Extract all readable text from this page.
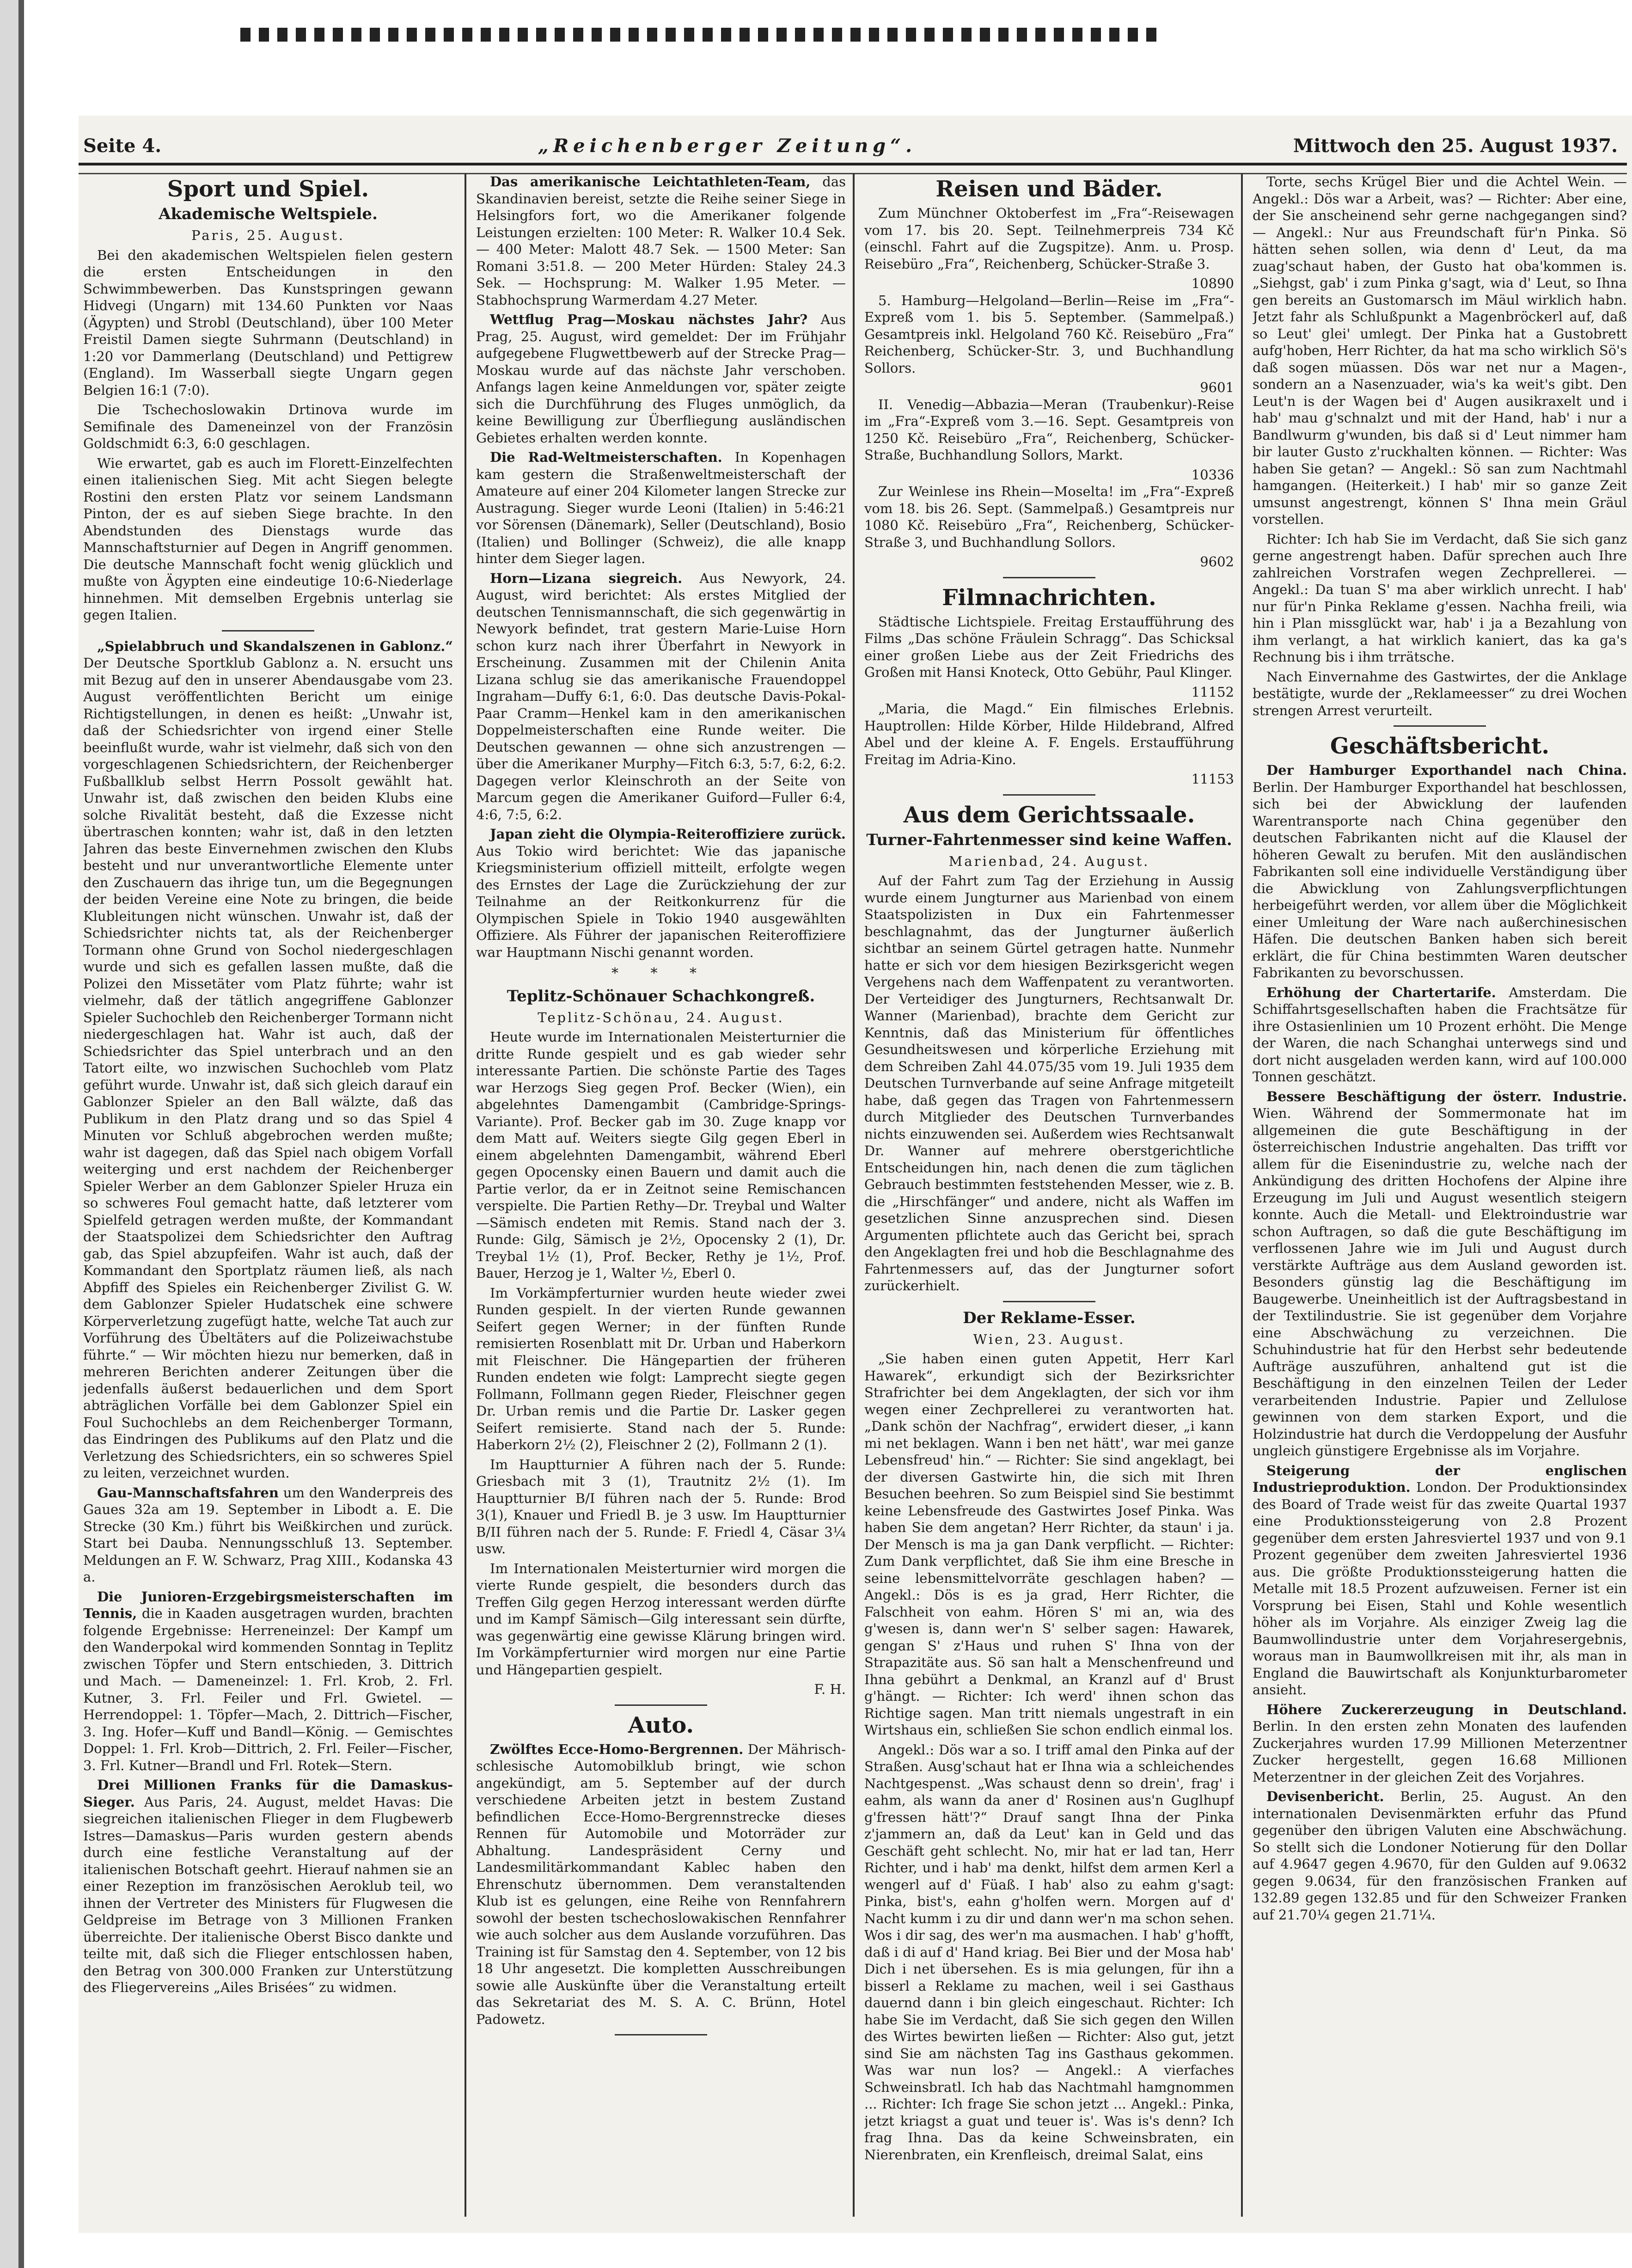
Seite 4.	„Reichenberger Zeitung“.	Mittwoch den 25. August 1937.
Sport und Spiel.
Akademische Weltspiele.
Paris, 25. August.

Bei den akademischen Weltspielen fielen gestern die ersten Entscheidungen in den Schwimmbewerben. Das Kunstspringen gewann Hidvegi (Ungarn) mit 134.60 Punkten vor Naas (Ägypten) und Strobl (Deutschland), über 100 Meter Freistil Damen siegte Suhrmann (Deutschland) in 1:20 vor Dammerlang (Deutschland) und Pettigrew (England). Im Wasserball siegte Ungarn gegen Belgien 16:1 (7:0).

Die Tschechoslowakin Drtinova wurde im Semifinale des Dameneinzel von der Französin Goldschmidt 6:3, 6:0 geschlagen.

Wie erwartet, gab es auch im Florett-Einzelfechten einen italienischen Sieg. Mit acht Siegen belegte Rostini den ersten Platz vor seinem Landsmann Pinton, der es auf sieben Siege brachte. In den Abendstunden des Dienstags wurde das Mannschaftsturnier auf Degen in Angriff genommen. Die deutsche Mannschaft focht wenig glücklich und mußte von Ägypten eine eindeutige 10:6-Niederlage hinnehmen. Mit demselben Ergebnis unterlag sie gegen Italien.

„Spielabbruch und Skandalszenen in Gablonz.“ Der Deutsche Sportklub Gablonz a. N. ersucht uns mit Bezug auf den in unserer Abendausgabe vom 23. August veröffentlichten Bericht um einige Richtigstellungen, in denen es heißt: „Unwahr ist, daß der Schiedsrichter von irgend einer Stelle beeinflußt wurde, wahr ist vielmehr, daß sich von den vorgeschlagenen Schiedsrichtern, der Reichenberger Fußballklub selbst Herrn Possolt gewählt hat. Unwahr ist, daß zwischen den beiden Klubs eine solche Rivalität besteht, daß die Exzesse nicht übertraschen konnten; wahr ist, daß in den letzten Jahren das beste Einvernehmen zwischen den Klubs besteht und nur unverantwortliche Elemente unter den Zuschauern das ihrige tun, um die Begegnungen der beiden Vereine eine Note zu bringen, die beide Klubleitungen nicht wünschen. Unwahr ist, daß der Schiedsrichter nichts tat, als der Reichenberger Tormann ohne Grund von Sochol niedergeschlagen wurde und sich es gefallen lassen mußte, daß die Polizei den Missetäter vom Platz führte; wahr ist vielmehr, daß der tätlich angegriffene Gablonzer Spieler Suchochleb den Reichenberger Tormann nicht niedergeschlagen hat. Wahr ist auch, daß der Schiedsrichter das Spiel unterbrach und an den Tatort eilte, wo inzwischen Suchochleb vom Platz geführt wurde. Unwahr ist, daß sich gleich darauf ein Gablonzer Spieler an den Ball wälzte, daß das Publikum in den Platz drang und so das Spiel 4 Minuten vor Schluß abgebrochen werden mußte; wahr ist dagegen, daß das Spiel nach obigem Vorfall weiterging und erst nachdem der Reichenberger Spieler Werber an dem Gablonzer Spieler Hruza ein so schweres Foul gemacht hatte, daß letzterer vom Spielfeld getragen werden mußte, der Kommandant der Staatspolizei dem Schiedsrichter den Auftrag gab, das Spiel abzupfeifen. Wahr ist auch, daß der Kommandant den Sportplatz räumen ließ, als nach Abpfiff des Spieles ein Reichenberger Zivilist G. W. dem Gablonzer Spieler Hudatschek eine schwere Körperverletzung zugefügt hatte, welche Tat auch zur Vorführung des Übeltäters auf die Polizeiwachstube führte.“ — Wir möchten hiezu nur bemerken, daß in mehreren Berichten anderer Zeitungen über die jedenfalls äußerst bedauerlichen und dem Sport abträglichen Vorfälle bei dem Gablonzer Spiel ein Foul Suchochlebs an dem Reichenberger Tormann, das Eindringen des Publikums auf den Platz und die Verletzung des Schiedsrichters, ein so schweres Spiel zu leiten, verzeichnet wurden.

Gau-Mannschaftsfahren um den Wanderpreis des Gaues 32a am 19. September in Libodt a. E. Die Strecke (30 Km.) führt bis Weißkirchen und zurück. Start bei Dauba. Nennungsschluß 13. September. Meldungen an F. W. Schwarz, Prag XIII., Kodanska 43 a.

Die Junioren-Erzgebirgsmeisterschaften im Tennis, die in Kaaden ausgetragen wurden, brachten folgende Ergebnisse: Herreneinzel: Der Kampf um den Wanderpokal wird kommenden Sonntag in Teplitz zwischen Töpfer und Stern entschieden, 3. Dittrich und Mach. — Dameneinzel: 1. Frl. Krob, 2. Frl. Kutner, 3. Frl. Feiler und Frl. Gwietel. — Herrendoppel: 1. Töpfer—Mach, 2. Dittrich—Fischer, 3. Ing. Hofer—Kuff und Bandl—König. — Gemischtes Doppel: 1. Frl. Krob—Dittrich, 2. Frl. Feiler—Fischer, 3. Frl. Kutner—Brandl und Frl. Rotek—Stern.

Drei Millionen Franks für die Damaskus-Sieger. Aus Paris, 24. August, meldet Havas: Die siegreichen italienischen Flieger in dem Flugbewerb Istres—Damaskus—Paris wurden gestern abends durch eine festliche Veranstaltung auf der italienischen Botschaft geehrt. Hierauf nahmen sie an einer Rezeption im französischen Aeroklub teil, wo ihnen der Vertreter des Ministers für Flugwesen die Geldpreise im Betrage von 3 Millionen Franken überreichte. Der italienische Oberst Bisco dankte und teilte mit, daß sich die Flieger entschlossen haben, den Betrag von 300.000 Franken zur Unterstützung des Fliegervereins „Ailes Brisées“ zu widmen.

Das amerikanische Leichtathleten-Team, das Skandinavien bereist, setzte die Reihe seiner Siege in Helsingfors fort, wo die Amerikaner folgende Leistungen erzielten: 100 Meter: R. Walker 10.4 Sek. — 400 Meter: Malott 48.7 Sek. — 1500 Meter: San Romani 3:51.8. — 200 Meter Hürden: Staley 24.3 Sek. — Hochsprung: M. Walker 1.95 Meter. — Stabhochsprung Warmerdam 4.27 Meter.

Wettflug Prag—Moskau nächstes Jahr? Aus Prag, 25. August, wird gemeldet: Der im Frühjahr aufgegebene Flugwettbewerb auf der Strecke Prag—Moskau wurde auf das nächste Jahr verschoben. Anfangs lagen keine Anmeldungen vor, später zeigte sich die Durchführung des Fluges unmöglich, da keine Bewilligung zur Überfliegung ausländischen Gebietes erhalten werden konnte.

Die Rad-Weltmeisterschaften. In Kopenhagen kam gestern die Straßenweltmeisterschaft der Amateure auf einer 204 Kilometer langen Strecke zur Austragung. Sieger wurde Leoni (Italien) in 5:46:21 vor Sörensen (Dänemark), Seller (Deutschland), Bosio (Italien) und Bollinger (Schweiz), die alle knapp hinter dem Sieger lagen.

Horn—Lizana siegreich. Aus Newyork, 24. August, wird berichtet: Als erstes Mitglied der deutschen Tennismannschaft, die sich gegenwärtig in Newyork befindet, trat gestern Marie-Luise Horn schon kurz nach ihrer Überfahrt in Newyork in Erscheinung. Zusammen mit der Chilenin Anita Lizana schlug sie das amerikanische Frauendoppel Ingraham—Duffy 6:1, 6:0. Das deutsche Davis-Pokal-Paar Cramm—Henkel kam in den amerikanischen Doppelmeisterschaften eine Runde weiter. Die Deutschen gewannen — ohne sich anzustrengen — über die Amerikaner Murphy—Fitch 6:3, 5:7, 6:2, 6:2. Dagegen verlor Kleinschroth an der Seite von Marcum gegen die Amerikaner Guiford—Fuller 6:4, 4:6, 7:5, 6:2.

Japan zieht die Olympia-Reiteroffiziere zurück. Aus Tokio wird berichtet: Wie das japanische Kriegsministerium offiziell mitteilt, erfolgte wegen des Ernstes der Lage die Zurückziehung der zur Teilnahme an der Reitkonkurrenz für die Olympischen Spiele in Tokio 1940 ausgewählten Offiziere. Als Führer der japanischen Reiteroffiziere war Hauptmann Nischi genannt worden.

* * *
Teplitz-Schönauer Schachkongreß.
Teplitz-Schönau, 24. August.

Heute wurde im Internationalen Meisterturnier die dritte Runde gespielt und es gab wieder sehr interessante Partien. Die schönste Partie des Tages war Herzogs Sieg gegen Prof. Becker (Wien), ein abgelehntes Damengambit (Cambridge-Springs-Variante). Prof. Becker gab im 30. Zuge knapp vor dem Matt auf. Weiters siegte Gilg gegen Eberl in einem abgelehnten Damengambit, während Eberl gegen Opocensky einen Bauern und damit auch die Partie verlor, da er in Zeitnot seine Remischancen verspielte. Die Partien Rethy—Dr. Treybal und Walter—Sämisch endeten mit Remis. Stand nach der 3. Runde: Gilg, Sämisch je 2½, Opocensky 2 (1), Dr. Treybal 1½ (1), Prof. Becker, Rethy je 1½, Prof. Bauer, Herzog je 1, Walter ½, Eberl 0.

Im Vorkämpferturnier wurden heute wieder zwei Runden gespielt. In der vierten Runde gewannen Seifert gegen Werner; in der fünften Runde remisierten Rosenblatt mit Dr. Urban und Haberkorn mit Fleischner. Die Hängepartien der früheren Runden endeten wie folgt: Lamprecht siegte gegen Follmann, Follmann gegen Rieder, Fleischner gegen Dr. Urban remis und die Partie Dr. Lasker gegen Seifert remisierte. Stand nach der 5. Runde: Haberkorn 2½ (2), Fleischner 2 (2), Follmann 2 (1).

Im Hauptturnier A führen nach der 5. Runde: Griesbach mit 3 (1), Trautnitz 2½ (1). Im Hauptturnier B/I führen nach der 5. Runde: Brod 3(1), Knauer und Friedl B. je 3 usw. Im Hauptturnier B/II führen nach der 5. Runde: F. Friedl 4, Cäsar 3¼ usw.

Im Internationalen Meisterturnier wird morgen die vierte Runde gespielt, die besonders durch das Treffen Gilg gegen Herzog interessant werden dürfte und im Kampf Sämisch—Gilg interessant sein dürfte, was gegenwärtig eine gewisse Klärung bringen wird. Im Vorkämpferturnier wird morgen nur eine Partie und Hängepartien gespielt.

F. H.
Auto.

Zwölftes Ecce-Homo-Bergrennen. Der Mährisch-schlesische Automobilklub bringt, wie schon angekündigt, am 5. September auf der durch verschiedene Arbeiten jetzt in bestem Zustand befindlichen Ecce-Homo-Bergrennstrecke dieses Rennen für Automobile und Motorräder zur Abhaltung. Landespräsident Cerny und Landesmilitärkommandant Kablec haben den Ehrenschutz übernommen. Dem veranstaltenden Klub ist es gelungen, eine Reihe von Rennfahrern sowohl der besten tschechoslowakischen Rennfahrer wie auch solcher aus dem Auslande vorzuführen. Das Training ist für Samstag den 4. September, von 12 bis 18 Uhr angesetzt. Die kompletten Ausschreibungen sowie alle Auskünfte über die Veranstaltung erteilt das Sekretariat des M. S. A. C. Brünn, Hotel Padowetz.

Reisen und Bäder.

Zum Münchner Oktoberfest im „Fra“-Reisewagen vom 17. bis 20. Sept. Teilnehmerpreis 734 Kč (einschl. Fahrt auf die Zugspitze). Anm. u. Prosp. Reisebüro „Fra“, Reichenberg, Schücker-Straße 3.

10890

5. Hamburg—Helgoland—Berlin—Reise im „Fra“-Expreß vom 1. bis 5. September. (Sammelpaß.) Gesamtpreis inkl. Helgoland 760 Kč. Reisebüro „Fra“ Reichenberg, Schücker-Str. 3, und Buchhandlung Sollors.

9601

II. Venedig—Abbazia—Meran (Traubenkur)-Reise im „Fra“-Expreß vom 3.—16. Sept. Gesamtpreis von 1250 Kč. Reisebüro „Fra“, Reichenberg, Schücker-Straße, Buchhandlung Sollors, Markt.

10336

Zur Weinlese ins Rhein—Moselta! im „Fra“-Expreß vom 18. bis 26. Sept. (Sammelpaß.) Gesamtpreis nur 1080 Kč. Reisebüro „Fra“, Reichenberg, Schücker-Straße 3, und Buchhandlung Sollors.

9602
Filmnachrichten.

Städtische Lichtspiele. Freitag Erstaufführung des Films „Das schöne Fräulein Schragg“. Das Schicksal einer großen Liebe aus der Zeit Friedrichs des Großen mit Hansi Knoteck, Otto Gebühr, Paul Klinger.

11152

„Maria, die Magd.“ Ein filmisches Erlebnis. Hauptrollen: Hilde Körber, Hilde Hildebrand, Alfred Abel und der kleine A. F. Engels. Erstaufführung Freitag im Adria-Kino.

11153
Aus dem Gerichtssaale.
Turner-Fahrtenmesser sind keine Waffen.
Marienbad, 24. August.

Auf der Fahrt zum Tag der Erziehung in Aussig wurde einem Jungturner aus Marienbad von einem Staatspolizisten in Dux ein Fahrtenmesser beschlagnahmt, das der Jungturner äußerlich sichtbar an seinem Gürtel getragen hatte. Nunmehr hatte er sich vor dem hiesigen Bezirksgericht wegen Vergehens nach dem Waffenpatent zu verantworten. Der Verteidiger des Jungturners, Rechtsanwalt Dr. Wanner (Marienbad), brachte dem Gericht zur Kenntnis, daß das Ministerium für öffentliches Gesundheitswesen und körperliche Erziehung mit dem Schreiben Zahl 44.075/35 vom 19. Juli 1935 dem Deutschen Turnverbande auf seine Anfrage mitgeteilt habe, daß gegen das Tragen von Fahrtenmessern durch Mitglieder des Deutschen Turnverbandes nichts einzuwenden sei. Außerdem wies Rechtsanwalt Dr. Wanner auf mehrere oberstgerichtliche Entscheidungen hin, nach denen die zum täglichen Gebrauch bestimmten feststehenden Messer, wie z. B. die „Hirschfänger“ und andere, nicht als Waffen im gesetzlichen Sinne anzusprechen sind. Diesen Argumenten pflichtete auch das Gericht bei, sprach den Angeklagten frei und hob die Beschlagnahme des Fahrtenmessers auf, das der Jungturner sofort zurückerhielt.

Der Reklame-Esser.
Wien, 23. August.

„Sie haben einen guten Appetit, Herr Karl Hawarek“, erkundigt sich der Bezirksrichter Strafrichter bei dem Angeklagten, der sich vor ihm wegen einer Zechprellerei zu verantworten hat. „Dank schön der Nachfrag“, erwidert dieser, „i kann mi net beklagen. Wann i ben net hätt', war mei ganze Lebensfreud' hin.“ — Richter: Sie sind angeklagt, bei der diversen Gastwirte hin, die sich mit Ihren Besuchen beehren. So zum Beispiel sind Sie bestimmt keine Lebensfreude des Gastwirtes Josef Pinka. Was haben Sie dem angetan? Herr Richter, da staun' i ja. Der Mensch is ma ja gan Dank verpflicht. — Richter: Zum Dank verpflichtet, daß Sie ihm eine Bresche in seine lebensmittelvorräte geschlagen haben? — Angekl.: Dös is es ja grad, Herr Richter, die Falschheit von eahm. Hören S' mi an, wia des g'wesen is, dann wer'n S' selber sagen: Hawarek, gengan S' z'Haus und ruhen S' Ihna von der Strapazitäte aus. Sö san halt a Menschenfreund und Ihna gebührt a Denkmal, an Kranzl auf d' Brust g'hängt. — Richter: Ich werd' ihnen schon das Richtige sagen. Man tritt niemals ungestraft in ein Wirtshaus ein, schließen Sie schon endlich einmal los.

Angekl.: Dös war a so. I triff amal den Pinka auf der Straßen. Ausg'schaut hat er Ihna wia a schleichendes Nachtgespenst. „Was schaust denn so drein', frag' i eahm, als wann da aner d' Rosinen aus'n Guglhupf g'fressen hätt'?“ Drauf sangt Ihna der Pinka z'jammern an, daß da Leut' kan in Geld und das Geschäft geht schlecht. No, mir hat er lad tan, Herr Richter, und i hab' ma denkt, hilfst dem armen Kerl a wengerl auf d' Füaß. I hab' also zu eahm g'sagt: Pinka, bist's, eahn g'holfen wern. Morgen auf d' Nacht kumm i zu dir und dann wer'n ma schon sehen. Wos i dir sag, des wer'n ma ausmachen. I hab' g'hofft, daß i di auf d' Hand kriag. Bei Bier und der Mosa hab' Dich i net übersehen. Es is mia gelungen, für ihn a bisserl a Reklame zu machen, weil i sei Gasthaus dauernd dann i bin gleich eingeschaut. Richter: Ich habe Sie im Verdacht, daß Sie sich gegen den Willen des Wirtes bewirten ließen — Richter: Also gut, jetzt sind Sie am nächsten Tag ins Gasthaus gekommen. Was war nun los? — Angekl.: A vierfaches Schweinsbratl. Ich hab das Nachtmahl hamgnommen ... Richter: Ich frage Sie schon jetzt ... Angekl.: Pinka, jetzt kriagst a guat und teuer is'. Was is's denn? Ich frag Ihna. Das da keine Schweinsbraten, ein Nierenbraten, ein Krenfleisch, dreimal Salat, eins

Torte, sechs Krügel Bier und die Achtel Wein. — Angekl.: Dös war a Arbeit, was? — Richter: Aber eine, der Sie anscheinend sehr gerne nachgegangen sind? — Angekl.: Nur aus Freundschaft für'n Pinka. Sö hätten sehen sollen, wia denn d' Leut, da ma zuag'schaut haben, der Gusto hat oba'kommen is. „Siehgst, gab' i zum Pinka g'sagt, wia d' Leut, so Ihna gen bereits an Gustomarsch im Mäul wirklich habn. Jetzt fahr als Schlußpunkt a Magenbröckerl auf, daß so Leut' glei' umlegt. Der Pinka hat a Gustobrett aufg'hoben, Herr Richter, da hat ma scho wirklich Sö's daß sogen müassen. Dös war net nur a Magen-, sondern an a Nasenzuader, wia's ka weit's gibt. Den Leut'n is der Wagen bei d' Augen ausikraxelt und i hab' mau g'schnalzt und mit der Hand, hab' i nur a Bandlwurm g'wunden, bis daß si d' Leut nimmer ham bir lauter Gusto z'ruckhalten können. — Richter: Was haben Sie getan? — Angekl.: Sö san zum Nachtmahl hamgangen. (Heiterkeit.) I hab' mir so ganze Zeit umsunst angestrengt, können S' Ihna mein Gräul vorstellen.

Richter: Ich hab Sie im Verdacht, daß Sie sich ganz gerne angestrengt haben. Dafür sprechen auch Ihre zahlreichen Vorstrafen wegen Zechprellerei. — Angekl.: Da tuan S' ma aber wirklich unrecht. I hab' nur für'n Pinka Reklame g'essen. Nachha freili, wia hin i Plan missglückt war, hab' i ja a Bezahlung von ihm verlangt, a hat wirklich kaniert, das ka ga's Rechnung bis i ihm trrätsche.

Nach Einvernahme des Gastwirtes, der die Anklage bestätigte, wurde der „Reklameesser“ zu drei Wochen strengen Arrest verurteilt.

Geschäftsbericht.

Der Hamburger Exporthandel nach China. Berlin. Der Hamburger Exporthandel hat beschlossen, sich bei der Abwicklung der laufenden Warentransporte nach China gegenüber den deutschen Fabrikanten nicht auf die Klausel der höheren Gewalt zu berufen. Mit den ausländischen Fabrikanten soll eine individuelle Verständigung über die Abwicklung von Zahlungsverpflichtungen herbeigeführt werden, vor allem über die Möglichkeit einer Umleitung der Ware nach außerchinesischen Häfen. Die deutschen Banken haben sich bereit erklärt, die für China bestimmten Waren deutscher Fabrikanten zu bevorschussen.

Erhöhung der Chartertarife. Amsterdam. Die Schiffahrtsgesellschaften haben die Frachtsätze für ihre Ostasienlinien um 10 Prozent erhöht. Die Menge der Waren, die nach Schanghai unterwegs sind und dort nicht ausgeladen werden kann, wird auf 100.000 Tonnen geschätzt.

Bessere Beschäftigung der österr. Industrie. Wien. Während der Sommermonate hat im allgemeinen die gute Beschäftigung in der österreichischen Industrie angehalten. Das trifft vor allem für die Eisenindustrie zu, welche nach der Ankündigung des dritten Hochofens der Alpine ihre Erzeugung im Juli und August wesentlich steigern konnte. Auch die Metall- und Elektroindustrie war schon Auftragen, so daß die gute Beschäftigung im verflossenen Jahre wie im Juli und August durch verstärkte Aufträge aus dem Ausland geworden ist. Besonders günstig lag die Beschäftigung im Baugewerbe. Uneinheitlich ist der Auftragsbestand in der Textilindustrie. Sie ist gegenüber dem Vorjahre eine Abschwächung zu verzeichnen. Die Schuhindustrie hat für den Herbst sehr bedeutende Aufträge auszuführen, anhaltend gut ist die Beschäftigung in den einzelnen Teilen der Leder verarbeitenden Industrie. Papier und Zellulose gewinnen von dem starken Export, und die Holzindustrie hat durch die Verdoppelung der Ausfuhr ungleich günstigere Ergebnisse als im Vorjahre.

Steigerung der englischen Industrieproduktion. London. Der Produktionsindex des Board of Trade weist für das zweite Quartal 1937 eine Produktionssteigerung von 2.8 Prozent gegenüber dem ersten Jahresviertel 1937 und von 9.1 Prozent gegenüber dem zweiten Jahresviertel 1936 aus. Die größte Produktionssteigerung hatten die Metalle mit 18.5 Prozent aufzuweisen. Ferner ist ein Vorsprung bei Eisen, Stahl und Kohle wesentlich höher als im Vorjahre. Als einziger Zweig lag die Baumwollindustrie unter dem Vorjahresergebnis, woraus man in Baumwollkreisen mit ihr, als man in England die Bauwirtschaft als Konjunkturbarometer ansieht.

Höhere Zuckererzeugung in Deutschland. Berlin. In den ersten zehn Monaten des laufenden Zuckerjahres wurden 17.99 Millionen Meterzentner Zucker hergestellt, gegen 16.68 Millionen Meterzentner in der gleichen Zeit des Vorjahres.

Devisenbericht. Berlin, 25. August. An den internationalen Devisenmärkten erfuhr das Pfund gegenüber den übrigen Valuten eine Abschwächung. So stellt sich die Londoner Notierung für den Dollar auf 4.9647 gegen 4.9670, für den Gulden auf 9.0632 gegen 9.0634, für den französischen Franken auf 132.89 gegen 132.85 und für den Schweizer Franken auf 21.70¼ gegen 21.71¼.
